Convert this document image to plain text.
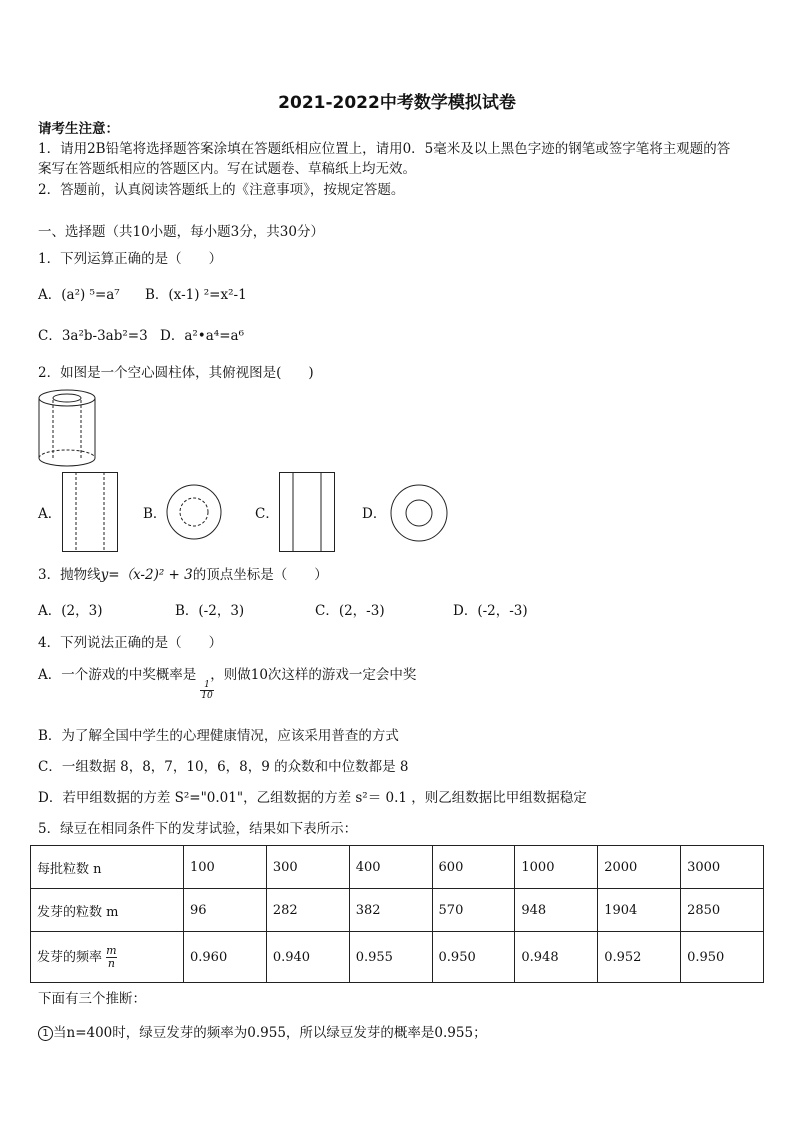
2021-2022中考数学模拟试卷
请考生注意：
1．请用2B铅笔将选择题答案涂填在答题纸相应位置上，请用0．5毫米及以上黑色字迹的钢笔或签字笔将主观题的答
案写在答题纸相应的答题区内。写在试题卷、草稿纸上均无效。
2．答题前，认真阅读答题纸上的《注意事项》，按规定答题。
一、选择题（共10小题，每小题3分，共30分）
1．下列运算正确的是（　　）
A．(a²) ⁵=a⁷ B．(x-1) ²=x²-1
C．3a²b-3ab²=3 D．a²•a⁴=a⁶
2．如图是一个空心圆柱体，其俯视图是(　　)
A．	B．	C．	D．
3．抛物线y=（x-2)² + 3的顶点坐标是（　　）
A．(2，3)	B．(-2，3)	C．(2，-3)	D．(-2，-3)
4．下列说法正确的是（　　）
A．一个游戏的中奖概率是 ，则做10次这样的游戏一定会中奖
$\frac{1}{10}$
B．为了解全国中学生的心理健康情况，应该采用普查的方式
C．一组数据 8，8，7，10，6，8，9 的众数和中位数都是 8
D．若甲组数据的方差 S²="0.01"，乙组数据的方差 s²＝ 0.1 ，则乙组数据比甲组数据稳定
5．绿豆在相同条件下的发芽试验，结果如下表所示：
每批粒数 n	100	300	400	600	1000	2000	3000
发芽的粒数 m	96	282	382	570	948	1904	2850
发芽的频率 $\frac{m}{n}$	0.960	0.940	0.955	0.950	0.948	0.952	0.950
下面有三个推断：
1 当n=400时，绿豆发芽的频率为0.955，所以绿豆发芽的概率是0.955；
